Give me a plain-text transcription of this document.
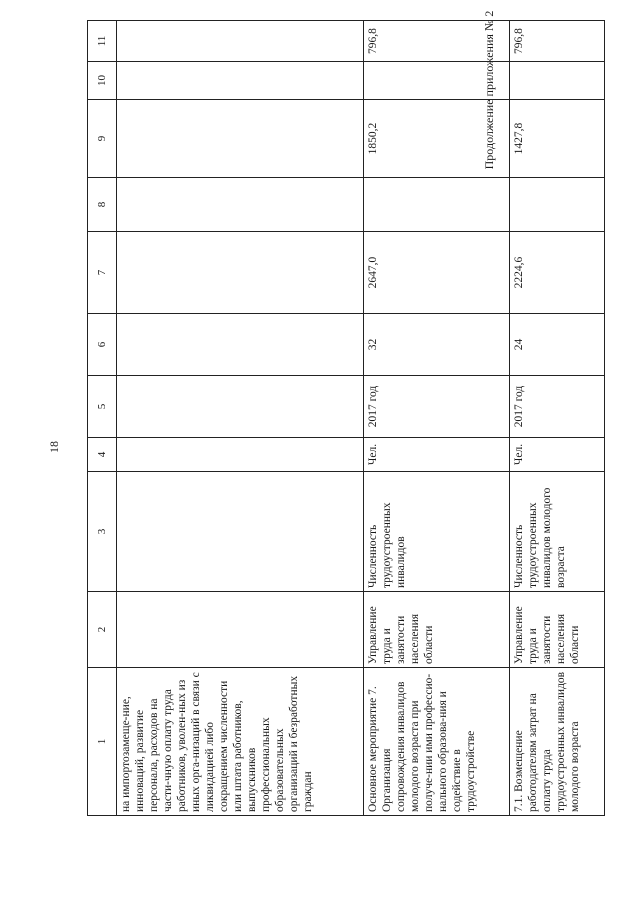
18
Продолжение приложения № 2
1	2	3	4	5	6	7	8	9	10	11
на импортозамеще-ние, инноваций, развитие персонала, расходов на части-чную оплату труда работников, уволен-ных из иных орга-низаций в связи с ликвидацией либо сокращением численности или штата работников, выпускников профессиональных образовательных организаций и безработных граждан										
Основное мероприятие 7. Организация сопровождения инвалидов молодого возраста при получе-нии ими профессио-нального образова-ния и содействие в трудоустройстве	Управление труда и занятости населения области	Численность трудоустроенных инвалидов	Чел.	2017 год	32	2647,0		1850,2		796,8
7.1. Возмещение работодателям затрат на оплату труда трудоустроенных инвалидов молодого возраста	Управление труда и занятости населения области	Численность трудоустроенных инвалидов молодого возраста	Чел.	2017 год	24	2224,6		1427,8		796,8
